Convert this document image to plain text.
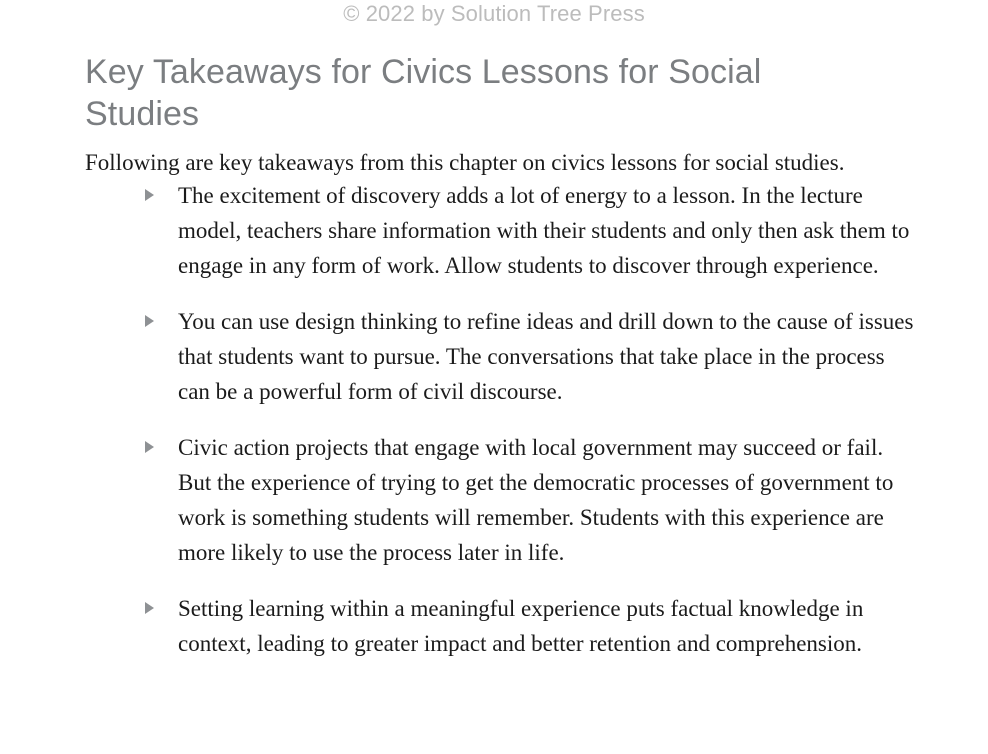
© 2022 by Solution Tree Press
Key Takeaways for Civics Lessons for Social Studies

Following are key takeaways from this chapter on civics lessons for social studies.

The excitement of discovery adds a lot of energy to a lesson. In the lecture model, teachers share information with their students and only then ask them to engage in any form of work. Allow students to discover through experience.
You can use design thinking to refine ideas and drill down to the cause of issues that students want to pursue. The conversations that take place in the process can be a powerful form of civil discourse.
Civic action projects that engage with local government may succeed or fail. But the experience of trying to get the democratic processes of government to work is something students will remember. Students with this experience are more likely to use the process later in life.
Setting learning within a meaningful experience puts factual knowledge in context, leading to greater impact and better retention and comprehension.
